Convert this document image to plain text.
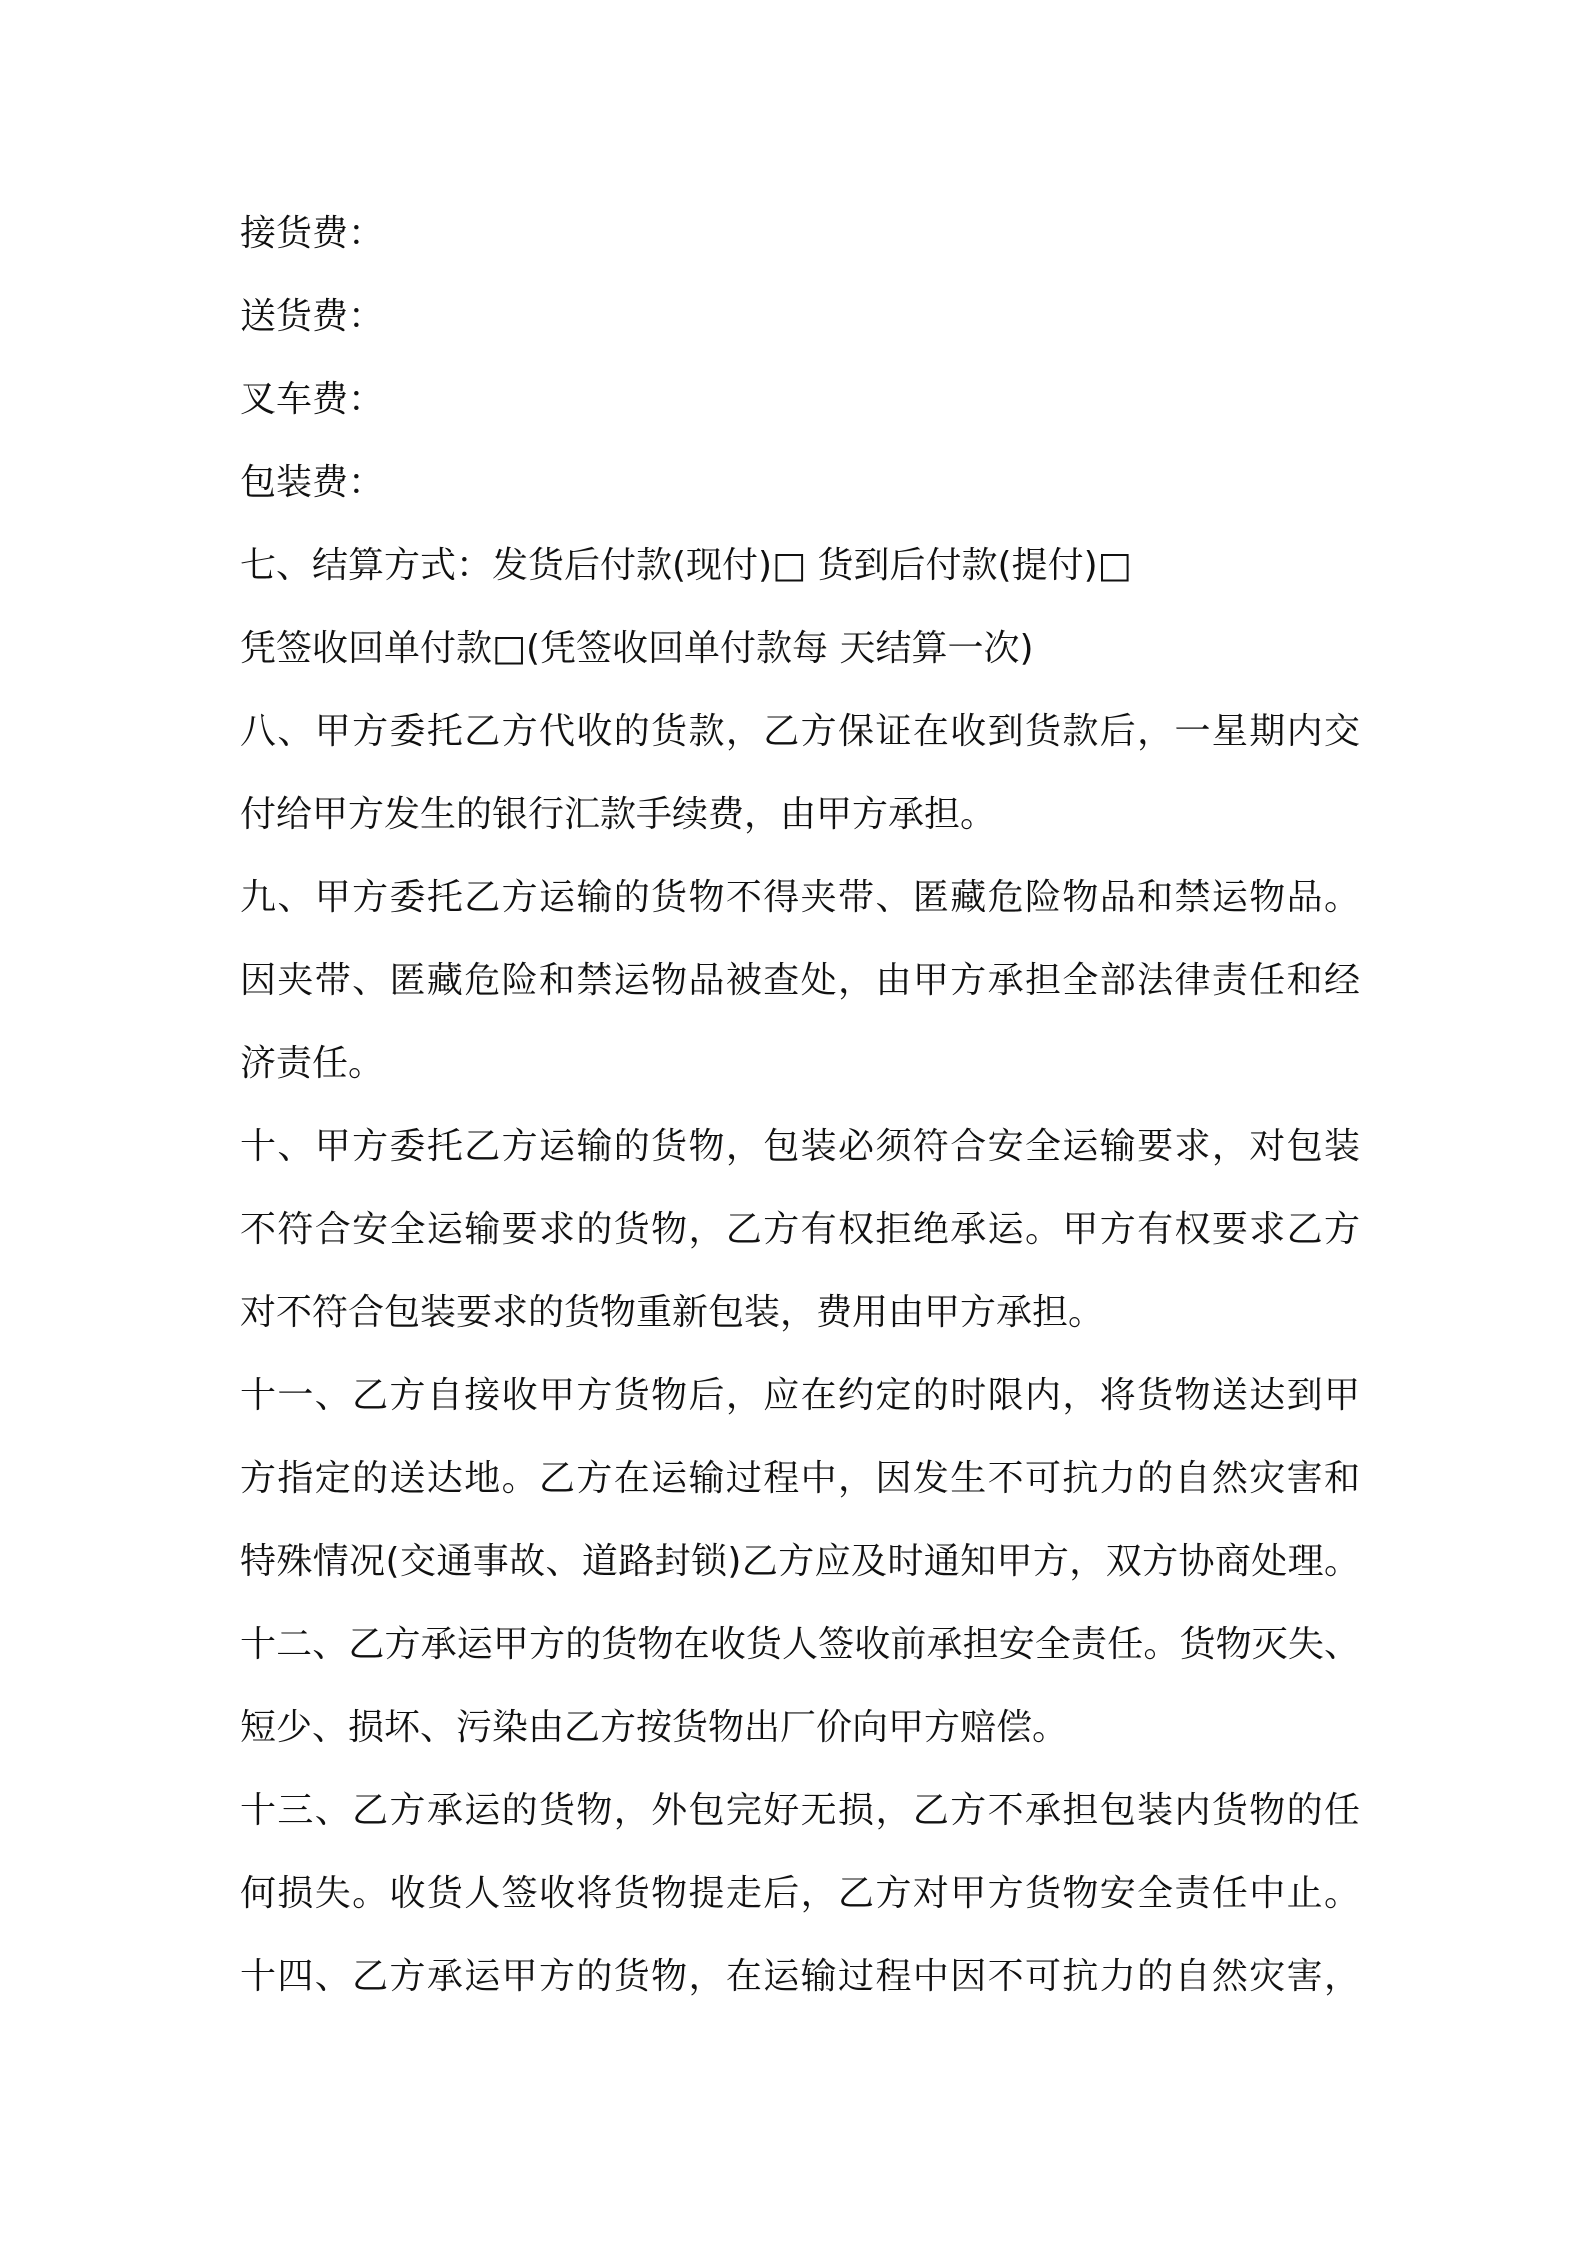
接货费：
送货费：
叉车费：
包装费：
七、结算方式：发货后付款(现付)□ 货到后付款(提付)□
凭签收回单付款□(凭签收回单付款每 天结算一次)
八、甲方委托乙方代收的货款，乙方保证在收到货款后，一星期内交
付给甲方发生的银行汇款手续费，由甲方承担。
九、甲方委托乙方运输的货物不得夹带、匿藏危险物品和禁运物品。
因夹带、匿藏危险和禁运物品被查处，由甲方承担全部法律责任和经
济责任。
十、甲方委托乙方运输的货物，包装必须符合安全运输要求，对包装
不符合安全运输要求的货物，乙方有权拒绝承运。甲方有权要求乙方
对不符合包装要求的货物重新包装，费用由甲方承担。
十一、乙方自接收甲方货物后，应在约定的时限内，将货物送达到甲
方指定的送达地。乙方在运输过程中，因发生不可抗力的自然灾害和
特殊情况(交通事故、道路封锁)乙方应及时通知甲方，双方协商处理。
十二、乙方承运甲方的货物在收货人签收前承担安全责任。货物灭失、
短少、损坏、污染由乙方按货物出厂价向甲方赔偿。
十三、乙方承运的货物，外包完好无损，乙方不承担包装内货物的任
何损失。收货人签收将货物提走后，乙方对甲方货物安全责任中止。
十四、乙方承运甲方的货物，在运输过程中因不可抗力的自然灾害，
